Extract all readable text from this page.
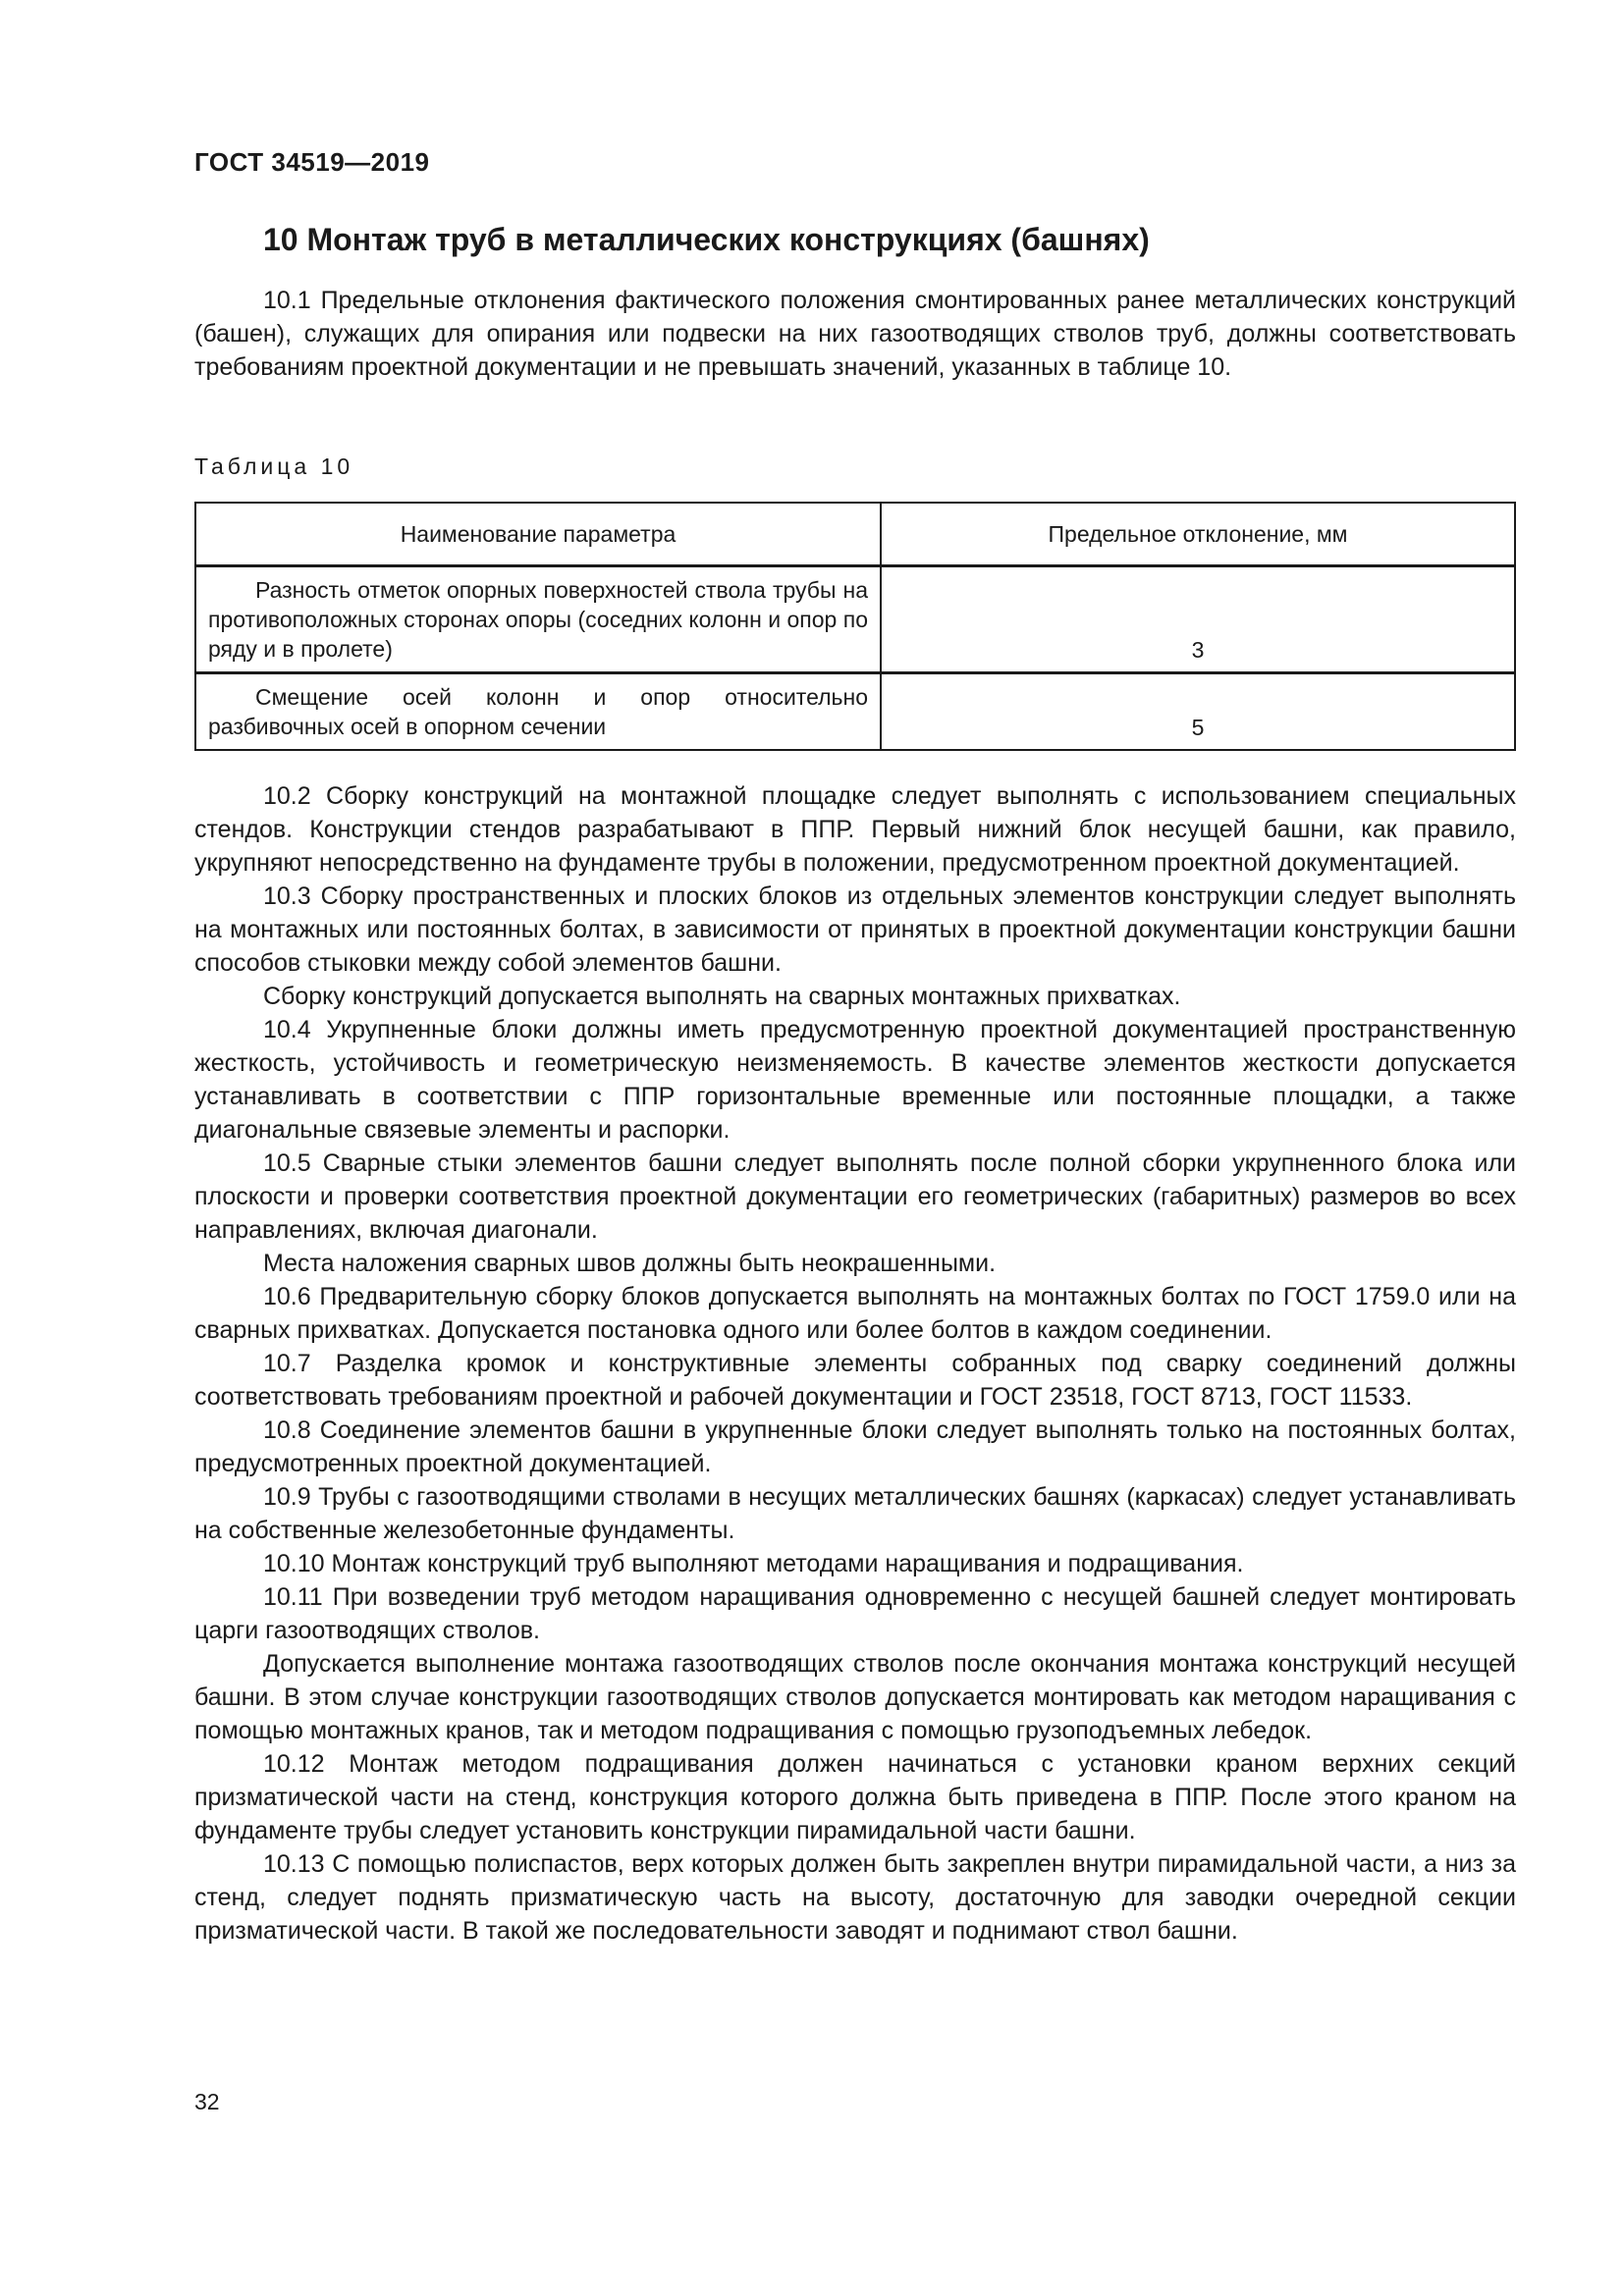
ГОСТ 34519—2019
10 Монтаж труб в металлических конструкциях (башнях)

10.1 Предельные отклонения фактического положения смонтированных ранее металлических конструкций (башен), служащих для опирания или подвески на них газоотводящих стволов труб, должны соответствовать требованиям проектной документации и не превышать значений, указанных в таблице 10.

Таблица 10
Наименование параметра	Предельное отклонение, мм
Разность отметок опорных поверхностей ствола трубы на противоположных сторонах опоры (соседних колонн и опор по ряду и в пролете)	3
Смещение осей колонн и опор относительно разбивочных осей в опорном сечении	5

10.2 Сборку конструкций на монтажной площадке следует выполнять с использованием специальных стендов. Конструкции стендов разрабатывают в ППР. Первый нижний блок несущей башни, как правило, укрупняют непосредственно на фундаменте трубы в положении, предусмотренном проектной документацией.

10.3 Сборку пространственных и плоских блоков из отдельных элементов конструкции следует выполнять на монтажных или постоянных болтах, в зависимости от принятых в проектной документации конструкции башни способов стыковки между собой элементов башни.

Сборку конструкций допускается выполнять на сварных монтажных прихватках.

10.4 Укрупненные блоки должны иметь предусмотренную проектной документацией пространственную жесткость, устойчивость и геометрическую неизменяемость. В качестве элементов жесткости допускается устанавливать в соответствии с ППР горизонтальные временные или постоянные площадки, а также диагональные связевые элементы и распорки.

10.5 Сварные стыки элементов башни следует выполнять после полной сборки укрупненного блока или плоскости и проверки соответствия проектной документации его геометрических (габаритных) размеров во всех направлениях, включая диагонали.

Места наложения сварных швов должны быть неокрашенными.

10.6 Предварительную сборку блоков допускается выполнять на монтажных болтах по ГОСТ 1759.0 или на сварных прихватках. Допускается постановка одного или более болтов в каждом соединении.

10.7 Разделка кромок и конструктивные элементы собранных под сварку соединений должны соответствовать требованиям проектной и рабочей документации и ГОСТ 23518, ГОСТ 8713, ГОСТ 11533.

10.8 Соединение элементов башни в укрупненные блоки следует выполнять только на постоянных болтах, предусмотренных проектной документацией.

10.9 Трубы с газоотводящими стволами в несущих металлических башнях (каркасах) следует устанавливать на собственные железобетонные фундаменты.

10.10 Монтаж конструкций труб выполняют методами наращивания и подращивания.

10.11 При возведении труб методом наращивания одновременно с несущей башней следует монтировать царги газоотводящих стволов.

Допускается выполнение монтажа газоотводящих стволов после окончания монтажа конструкций несущей башни. В этом случае конструкции газоотводящих стволов допускается монтировать как методом наращивания с помощью монтажных кранов, так и методом подращивания с помощью грузоподъемных лебедок.

10.12 Монтаж методом подращивания должен начинаться с установки краном верхних секций призматической части на стенд, конструкция которого должна быть приведена в ППР. После этого краном на фундаменте трубы следует установить конструкции пирамидальной части башни.

10.13 С помощью полиспастов, верх которых должен быть закреплен внутри пирамидальной части, а низ за стенд, следует поднять призматическую часть на высоту, достаточную для заводки очередной секции призматической части. В такой же последовательности заводят и поднимают ствол башни.

32
